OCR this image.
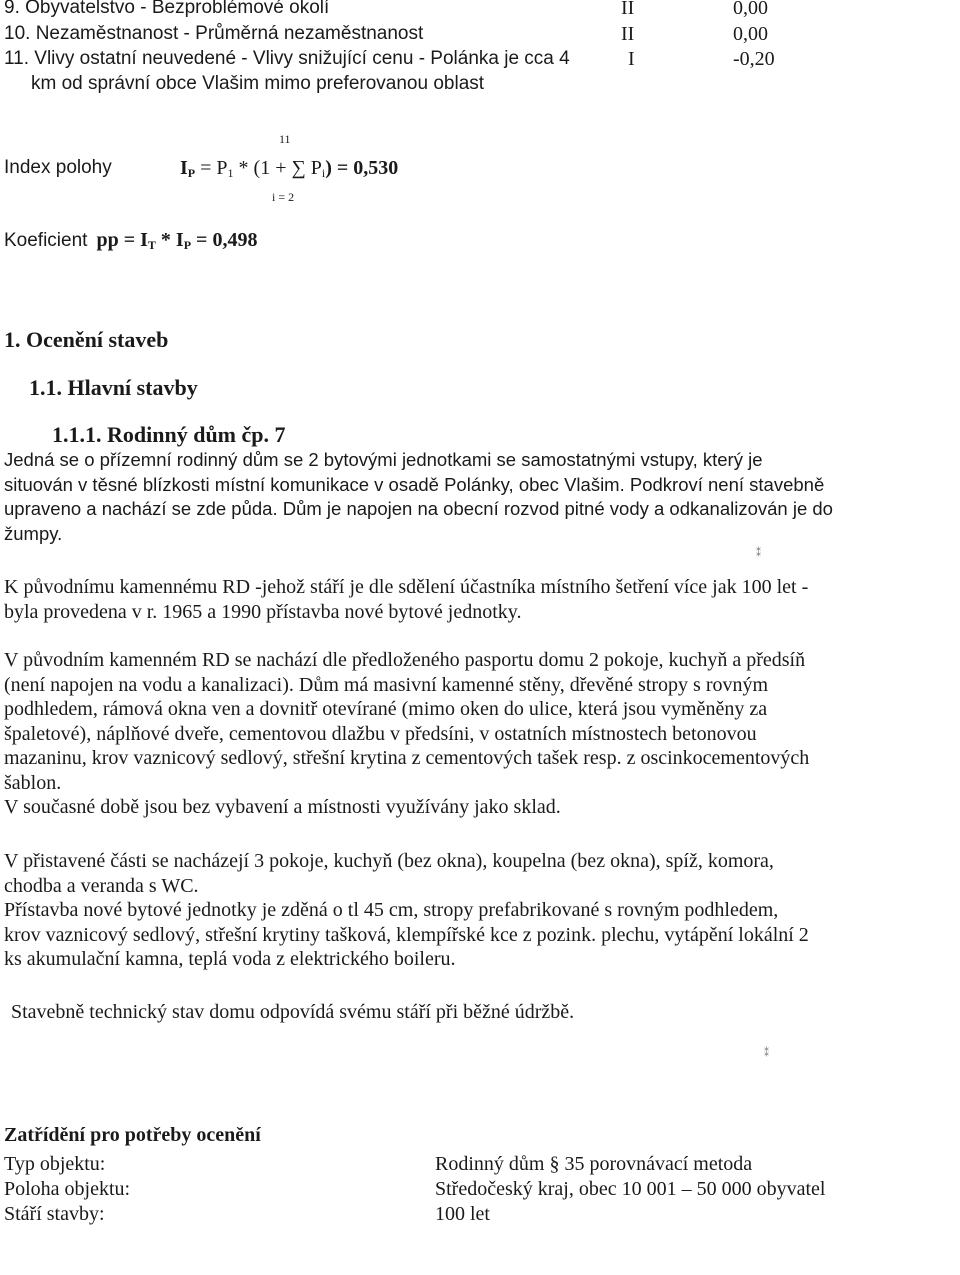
9. Obyvatelstvo - Bezproblémové okolí	II	0,00
10. Nezaměstnanost - Průměrná nezaměstnanost	II	0,00
11. Vlivy ostatní neuvedené - Vlivy snižující cenu - Polánka je cca 4	I	-0,20
km od správní obce Vlašim mimo preferovanou oblast
11
Index polohy	$I_P = P_1 * (1$ + ∑ $P_i) = 0,530$
i = 2
Koeficient  pp = $I_T * I_P = 0,498$
1. Ocenění staveb
1.1. Hlavní stavby
1.1.1. Rodinný dům čp. 7

Jedná se o přízemní rodinný dům se 2 bytovými jednotkami se samostatnými vstupy, který je

situován v těsné blízkosti místní komunikace v osadě Polánky, obec Vlašim. Podkroví není stavebně

upraveno a nachází se zde půda. Dům je napojen na obecní rozvod pitné vody a odkanalizován je do

žumpy.

⁑

K původnímu kamennému RD -jehož stáří je dle sdělení účastníka místního šetření více jak 100 let -

byla provedena v r. 1965 a 1990 přístavba nové bytové jednotky.

V původním kamenném RD se nachází dle předloženého pasportu domu 2 pokoje, kuchyň a předsíň

(není napojen na vodu a kanalizaci). Dům má masivní kamenné stěny, dřevěné stropy s rovným

podhledem, rámová okna ven a dovnitř otevírané (mimo oken do ulice, která jsou vyměněny za

špaletové), náplňové dveře, cementovou dlažbu v předsíni, v ostatních místnostech betonovou

mazaninu, krov vaznicový sedlový, střešní krytina z cementových tašek resp. z oscinkocementových

šablon.

V současné době jsou bez vybavení a místnosti využívány jako sklad.

V přistavené části se nacházejí 3 pokoje, kuchyň (bez okna), koupelna (bez okna), spíž, komora,

chodba a veranda s WC.

Přístavba nové bytové jednotky je zděná o tl 45 cm, stropy prefabrikované s rovným podhledem,

krov vaznicový sedlový, střešní krytiny tašková, klempířské kce z pozink. plechu, vytápění lokální 2

ks akumulační kamna, teplá voda z elektrického boileru.

Stavebně technický stav domu odpovídá svému stáří při běžné údržbě.
⁑
Zatřídění pro potřeby ocenění
Typ objektu:	Rodinný dům § 35 porovnávací metoda
Poloha objektu:	Středočeský kraj, obec 10 001 – 50 000 obyvatel
Stáří stavby:	100 let
